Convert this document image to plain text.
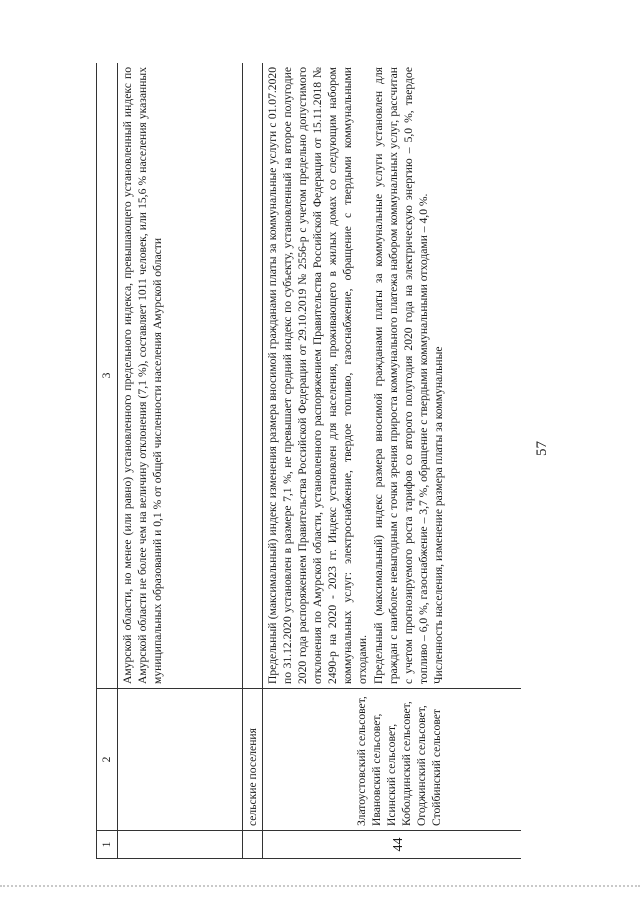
57
1	2	3

		Амурской области, но менее (или равно) установленного предельного индекса, превышающего установленный индекс по Амурской области не более чем на величину отклонения (7,1 %), составляет 1011 человек, или 15,6 % населения указанных муниципальных образований и 0,1 % от общей численности населения Амурской области

	сельские поселения	
44	Златоустовский сельсовет, Ивановский сельсовет, Исинский сельсовет, Коболдинский сельсовет, Огоджинский сельсовет, Стойбинский сельсовет	Предельный (максимальный) индекс изменения размера вносимой гражданами платы за коммунальные услуги с 01.07.2020 по 31.12.2020 установлен в размере 7,1 %, не превышает средний индекс по субъекту, установленный на второе полугодие 2020 года распоряжением Правительства Российской Федерации от 29.10.2019 № 2556-р с учетом предельно допустимого отклонения по Амурской области, установленного распоряжением Правительства Российской Федерации от 15.11.2018 № 2490-р на 2020 - 2023 гг. Индекс установлен для населения, проживающего в жилых домах со следующим набором коммунальных услуг: электроснабжение, твердое топливо, газоснабжение, обращение с твердыми коммунальными отходами. Предельный (максимальный) индекс размера вносимой гражданами платы за коммунальные услуги установлен для граждан с наиболее невыгодным с точки зрения прироста коммунального платежа набором коммунальных услуг, рассчитан с учетом прогнозируемого роста тарифов со второго полугодия 2020 года на электрическую энергию – 5,0 %, твердое топливо – 6,0 %, газоснабжение – 3,7 %, обращение с твердыми коммунальными отходами – 4,0 %. Численность населения, изменение размера платы за коммунальные
